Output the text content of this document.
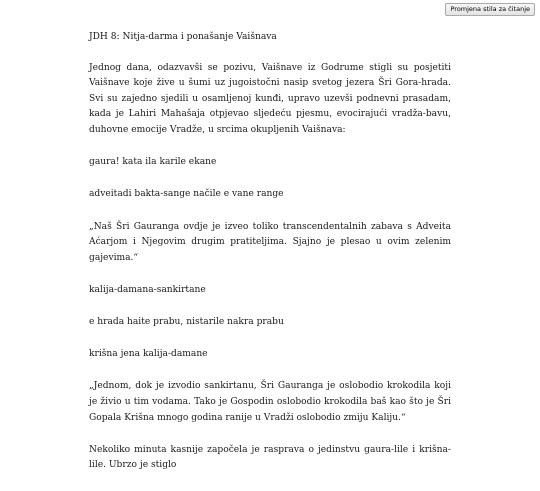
Promjena stila za čitanje

JDH 8: Nitja-darma i ponašanje Vaišnava

Jednog dana, odazvavši se pozivu, Vaišnave iz Godrume stigli su posjetiti Vaišnave koje žive u šumi uz jugoistočni nasip svetog jezera Šri Gora-hrada. Svi su zajedno sjedili u osamljenoj kunđi, upravo uzevši podnevni prasadam, kada je Lahiri Mahašaja otpjevao sljedeću pjesmu, evocirajući vradža-bavu, duhovne emocije Vradže, u srcima okupljenih Vaišnava:

gaura! kata ila karile ekane

adveitadi bakta-sange načile e vane range

„Naš Šri Gauranga ovdje je izveo toliko transcendentalnih zabava s Adveita Aćarjom i Njegovim drugim pratiteljima. Sjajno je plesao u ovim zelenim gajevima.“

kalija-damana-sankirtane

e hrada haite prabu, nistarile nakra prabu

krišna jena kalija-damane

„Jednom, dok je izvodio sankirtanu, Šri Gauranga je oslobodio krokodila koji je živio u tim vodama. Tako je Gospodin oslobodio krokodila baš kao što je Šri Gopala Krišna mnogo godina ranije u Vradži oslobodio zmiju Kaliju.“

Nekoliko minuta kasnije započela je rasprava o jedinstvu gaura-lile i krišna-lile. Ubrzo je stiglo
